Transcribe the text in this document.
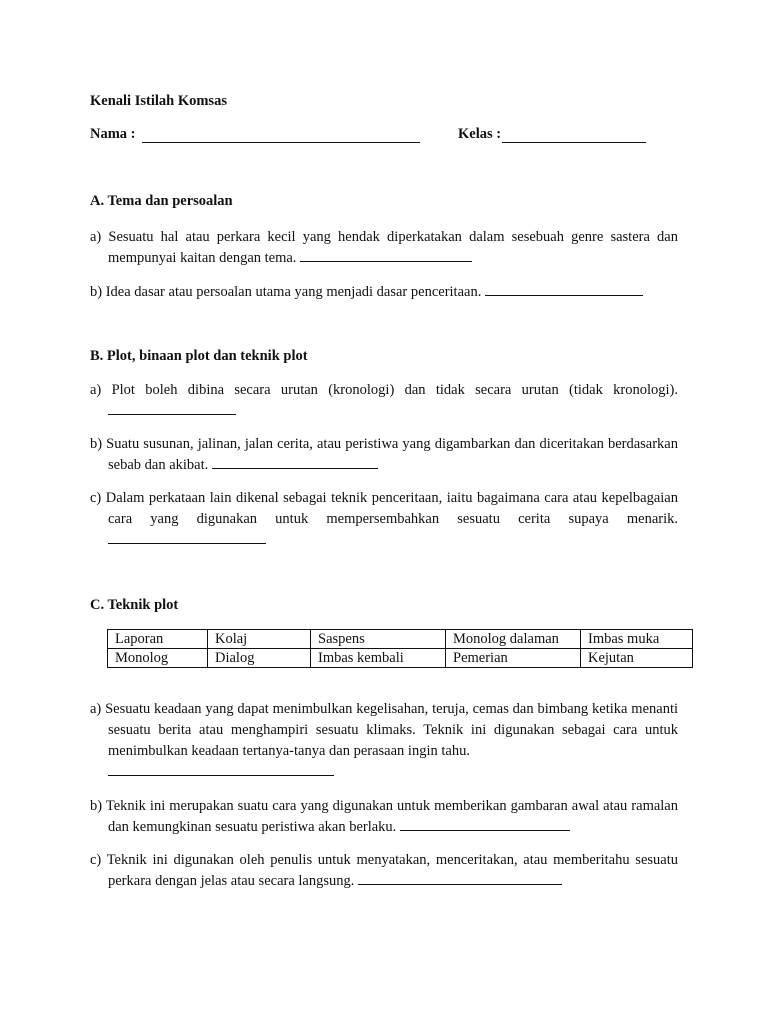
Kenali Istilah Komsas
Nama :	Kelas :
A. Tema dan persoalan
a) Sesuatu hal atau perkara kecil yang hendak diperkatakan dalam sesebuah genre sastera dan mempunyai kaitan dengan tema.
b) Idea dasar atau persoalan utama yang menjadi dasar penceritaan.
B. Plot, binaan plot dan teknik plot
a) Plot boleh dibina secara urutan (kronologi) dan tidak secara urutan (tidak kronologi).
b) Suatu susunan, jalinan, jalan cerita, atau peristiwa yang digambarkan dan diceritakan berdasarkan sebab dan akibat.
c) Dalam perkataan lain dikenal sebagai teknik penceritaan, iaitu bagaimana cara atau kepelbagaian cara yang digunakan untuk mempersembahkan sesuatu cerita supaya menarik.
C. Teknik plot
Laporan	Kolaj	Saspens	Monolog dalaman	Imbas muka
Monolog	Dialog	Imbas kembali	Pemerian	Kejutan
a) Sesuatu keadaan yang dapat menimbulkan kegelisahan, teruja, cemas dan bimbang ketika menanti sesuatu berita atau menghampiri sesuatu klimaks. Teknik ini digunakan sebagai cara untuk menimbulkan keadaan tertanya-tanya dan perasaan ingin tahu.

b) Teknik ini merupakan suatu cara yang digunakan untuk memberikan gambaran awal atau ramalan dan kemungkinan sesuatu peristiwa akan berlaku.
c) Teknik ini digunakan oleh penulis untuk menyatakan, menceritakan, atau memberitahu sesuatu perkara dengan jelas atau secara langsung.
